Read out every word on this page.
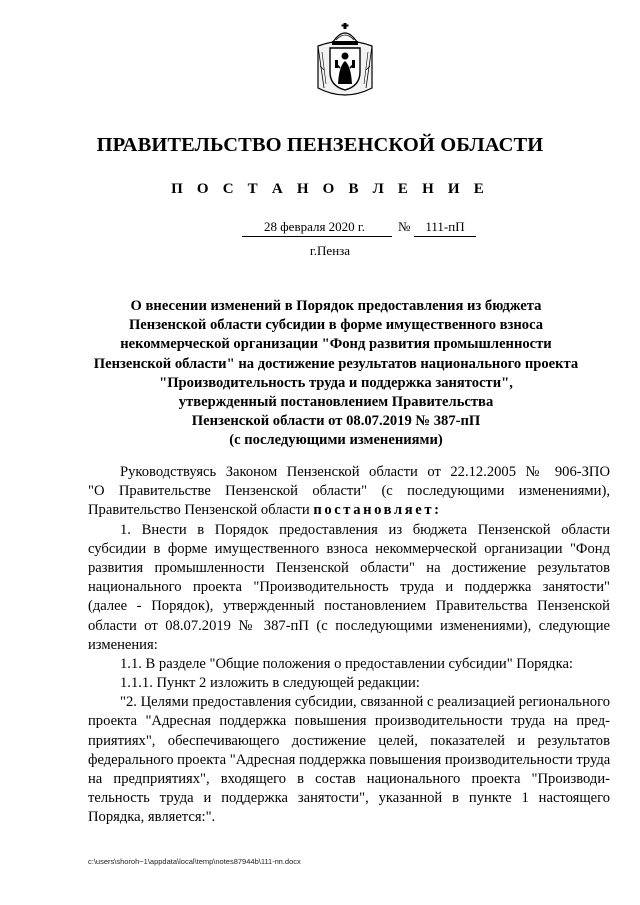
ПРАВИТЕЛЬСТВО ПЕНЗЕНСКОЙ ОБЛАСТИ
П О С Т А Н О В Л Е Н И Е
28 февраля 2020 г.	№	111-пП
г.Пенза
О внесении изменений в Порядок предоставления из бюджета
Пензенской области субсидии в форме имущественного взноса
некоммерческой организации "Фонд развития промышленности
Пензенской области" на достижение результатов национального проекта
"Производительность труда и поддержка занятости",
утвержденный постановлением Правительства
Пензенской области от 08.07.2019 № 387-пП
(с последующими изменениями)
Руководствуясь Законом Пензенской области от 22.12.2005 № 906-ЗПО
"О Правительстве Пензенской области" (с последующими изменениями),
Правительство Пензенской области постановляет:
1. Внести в Порядок предоставления из бюджета Пензенской области
субсидии в форме имущественного взноса некоммерческой организации "Фонд
развития промышленности Пензенской области" на достижение результатов
национального проекта "Производительность труда и поддержка занятости"
(далее - Порядок), утвержденный постановлением Правительства Пензенской
области от 08.07.2019 № 387-пП (с последующими изменениями), следующие
изменения:
1.1. В разделе "Общие положения о предоставлении субсидии" Порядка:
1.1.1. Пункт 2 изложить в следующей редакции:
"2. Целями предоставления субсидии, связанной с реализацией регионального
проекта "Адресная поддержка повышения производительности труда на пред-
приятиях", обеспечивающего достижение целей, показателей и результатов
федерального проекта "Адресная поддержка повышения производительности труда
на предприятиях", входящего в состав национального проекта "Производи-
тельность труда и поддержка занятости", указанной в пункте 1 настоящего
Порядка, является:".
c:\users\shoroh~1\appdata\local\temp\notes87944b\111-пп.docx
